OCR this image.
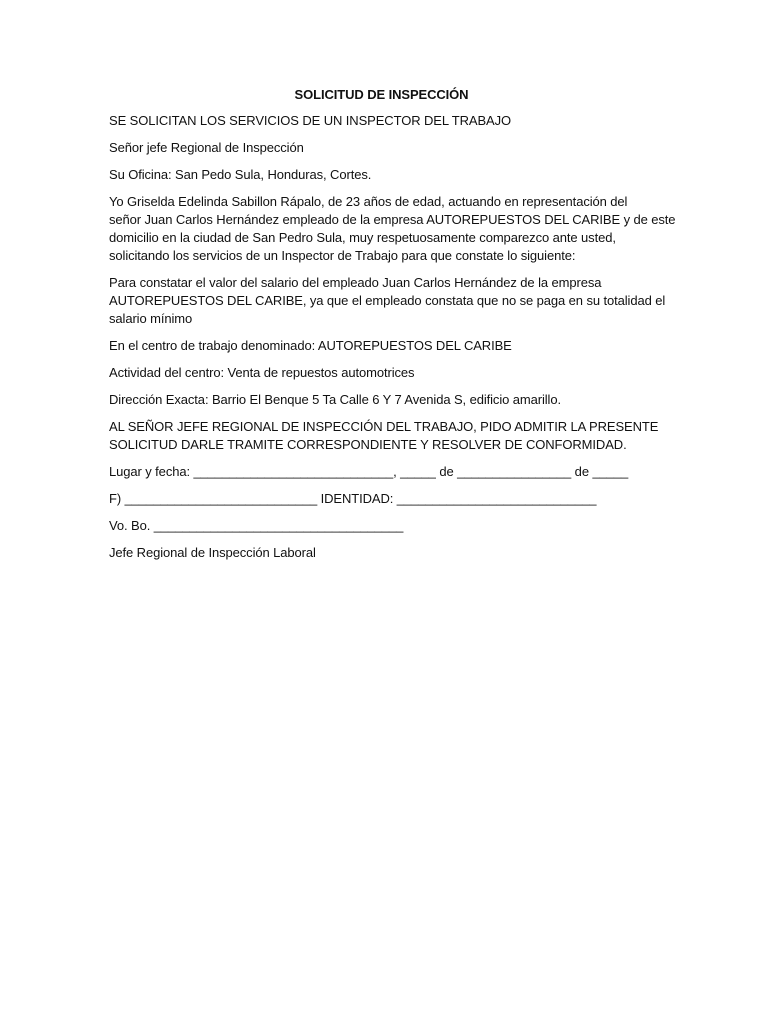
SOLICITUD DE INSPECCIÓN
SE SOLICITAN LOS SERVICIOS DE UN INSPECTOR DEL TRABAJO
Señor jefe Regional de Inspección
Su Oficina: San Pedo Sula, Honduras, Cortes.
Yo Griselda Edelinda Sabillon Rápalo, de 23 años de edad, actuando en representación del
señor Juan Carlos Hernández empleado de la empresa AUTOREPUESTOS DEL CARIBE y de este
domicilio en la ciudad de San Pedro Sula, muy respetuosamente comparezco ante usted,
solicitando los servicios de un Inspector de Trabajo para que constate lo siguiente:
Para constatar el valor del salario del empleado Juan Carlos Hernández de la empresa
AUTOREPUESTOS DEL CARIBE, ya que el empleado constata que no se paga en su totalidad el
salario mínimo
En el centro de trabajo denominado: AUTOREPUESTOS DEL CARIBE
Actividad del centro: Venta de repuestos automotrices
Dirección Exacta: Barrio El Benque 5 Ta Calle 6 Y 7 Avenida S, edificio amarillo.
AL SEÑOR JEFE REGIONAL DE INSPECCIÓN DEL TRABAJO, PIDO ADMITIR LA PRESENTE
SOLICITUD DARLE TRAMITE CORRESPONDIENTE Y RESOLVER DE CONFORMIDAD.
Lugar y fecha: ____________________________, _____ de ________________ de _____
F) ___________________________ IDENTIDAD: ____________________________
Vo. Bo. ___________________________________
Jefe Regional de Inspección Laboral
